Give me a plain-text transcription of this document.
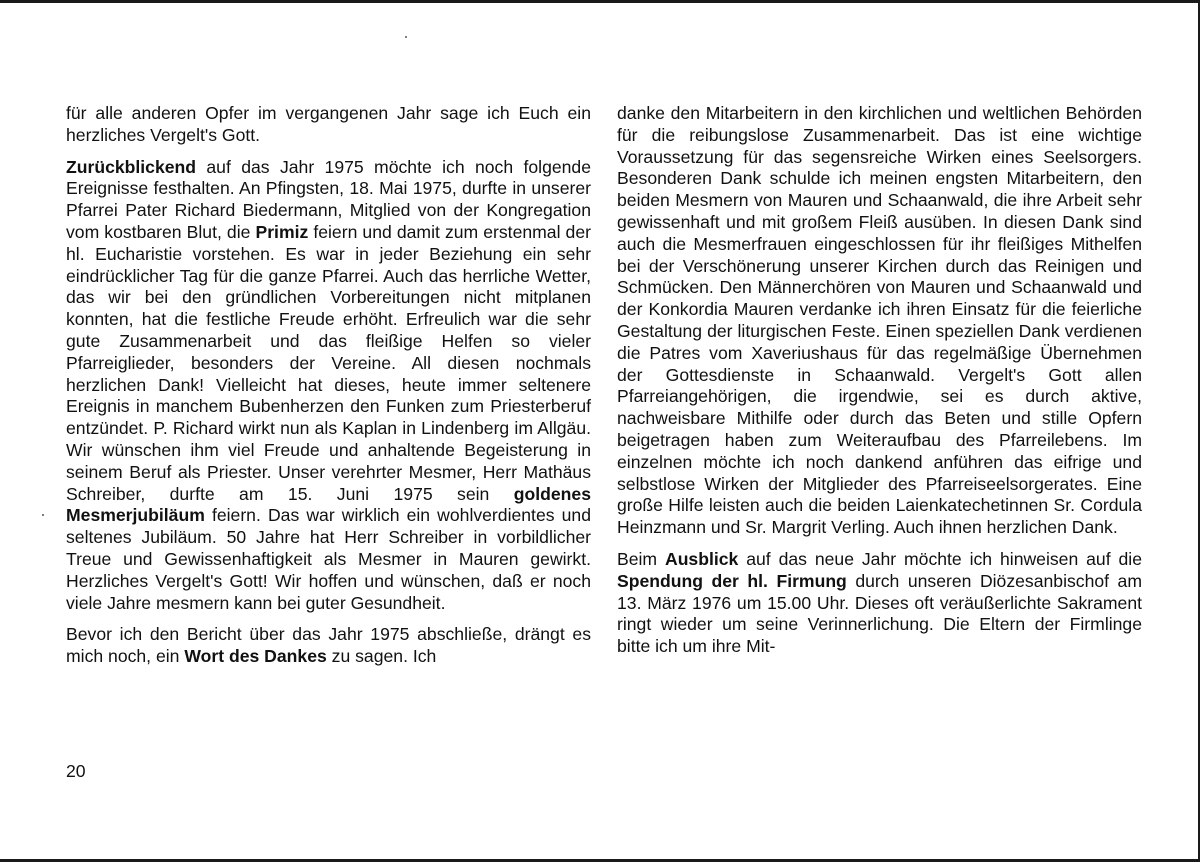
für alle anderen Opfer im vergangenen Jahr sage ich Euch ein herzliches Vergelt's Gott.

Zurückblickend auf das Jahr 1975 möchte ich noch folgende Ereignisse festhalten. An Pfingsten, 18. Mai 1975, durfte in unserer Pfarrei Pater Richard Biedermann, Mitglied von der Kongregation vom kostbaren Blut, die Primiz feiern und damit zum erstenmal der hl. Eucharistie vorstehen. Es war in jeder Beziehung ein sehr eindrücklicher Tag für die ganze Pfarrei. Auch das herrliche Wetter, das wir bei den gründlichen Vorbereitungen nicht mitplanen konnten, hat die festliche Freude erhöht. Erfreulich war die sehr gute Zusammenarbeit und das fleißige Helfen so vieler Pfarreiglieder, besonders der Vereine. All diesen nochmals herzlichen Dank! Vielleicht hat dieses, heute immer seltenere Ereignis in manchem Bubenherzen den Funken zum Priesterberuf entzündet. P. Richard wirkt nun als Kaplan in Lindenberg im Allgäu. Wir wünschen ihm viel Freude und anhaltende Begeisterung in seinem Beruf als Priester. Unser verehrter Mesmer, Herr Mathäus Schreiber, durfte am 15. Juni 1975 sein goldenes Mesmerjubiläum feiern. Das war wirklich ein wohlverdientes und seltenes Jubiläum. 50 Jahre hat Herr Schreiber in vorbildlicher Treue und Gewissenhaftigkeit als Mesmer in Mauren gewirkt. Herzliches Vergelt's Gott! Wir hoffen und wünschen, daß er noch viele Jahre mesmern kann bei guter Gesundheit.

Bevor ich den Bericht über das Jahr 1975 abschließe, drängt es mich noch, ein Wort des Dankes zu sagen. Ich

danke den Mitarbeitern in den kirchlichen und weltlichen Behörden für die reibungslose Zusammenarbeit. Das ist eine wichtige Voraussetzung für das segensreiche Wirken eines Seelsorgers. Besonderen Dank schulde ich meinen engsten Mitarbeitern, den beiden Mesmern von Mauren und Schaanwald, die ihre Arbeit sehr gewissenhaft und mit großem Fleiß ausüben. In diesen Dank sind auch die Mesmerfrauen eingeschlossen für ihr fleißiges Mithelfen bei der Verschönerung unserer Kirchen durch das Reinigen und Schmücken. Den Männerchören von Mauren und Schaanwald und der Konkordia Mauren verdanke ich ihren Einsatz für die feierliche Gestaltung der liturgischen Feste. Einen speziellen Dank verdienen die Patres vom Xaveriushaus für das regelmäßige Übernehmen der Gottesdienste in Schaanwald. Vergelt's Gott allen Pfarreiangehörigen, die irgendwie, sei es durch aktive, nachweisbare Mithilfe oder durch das Beten und stille Opfern beigetragen haben zum Weiteraufbau des Pfarreilebens. Im einzelnen möchte ich noch dankend anführen das eifrige und selbstlose Wirken der Mitglieder des Pfarreiseelsorgerates. Eine große Hilfe leisten auch die beiden Laienkatechetinnen Sr. Cordula Heinzmann und Sr. Margrit Verling. Auch ihnen herzlichen Dank.

Beim Ausblick auf das neue Jahr möchte ich hinweisen auf die Spendung der hl. Firmung durch unseren Diözesanbischof am 13. März 1976 um 15.00 Uhr. Dieses oft veräußerlichte Sakrament ringt wieder um seine Verinnerlichung. Die Eltern der Firmlinge bitte ich um ihre Mit-

20
